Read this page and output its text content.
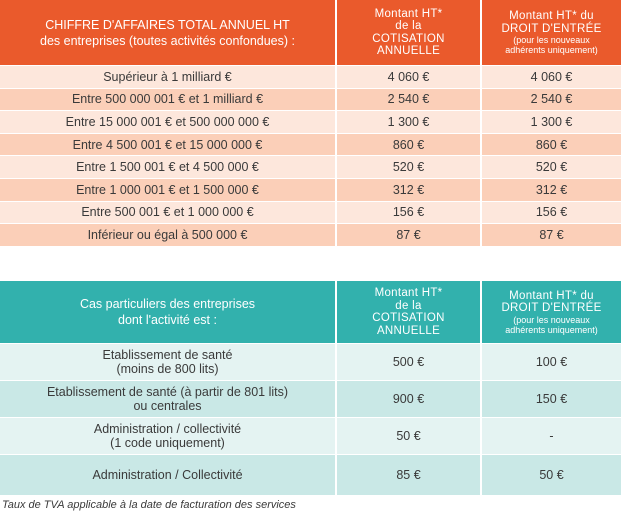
CHIFFRE D'AFFAIRES TOTAL ANNUEL HT
des entreprises (toutes activités confondues) :	Montant HT*
de la
COTISATION
ANNUELLE	Montant HT* du
DROIT D'ENTRÉE
(pour les nouveaux
adhérents uniquement)

Supérieur à 1 milliard €	4 060 €	4 060 €
Entre 500 000 001 € et 1 milliard €	2 540 €	2 540 €
Entre 15 000 001 € et 500 000 000 €	1 300 €	1 300 €
Entre 4 500 001 € et 15 000 000 €	860 €	860 €
Entre 1 500 001 € et 4 500 000 €	520 €	520 €
Entre 1 000 001 € et 1 500 000 €	312 €	312 €
Entre 500 001 € et 1 000 000 €	156 €	156 €
Inférieur ou égal à 500 000 €	87 €	87 €
Cas particuliers des entreprises
dont l'activité est :	Montant HT*
de la
COTISATION
ANNUELLE	Montant HT* du
DROIT D'ENTRÉE
(pour les nouveaux
adhérents uniquement)

Etablissement de santé
(moins de 800 lits)	500 €	100 €

Etablissement de santé (à partir de 801 lits)
ou centrales	900 €	150 €

Administration / collectivité
(1 code uniquement)	50 €	-

Administration / Collectivité	85 €	50 €
Taux de TVA applicable à la date de facturation des services
